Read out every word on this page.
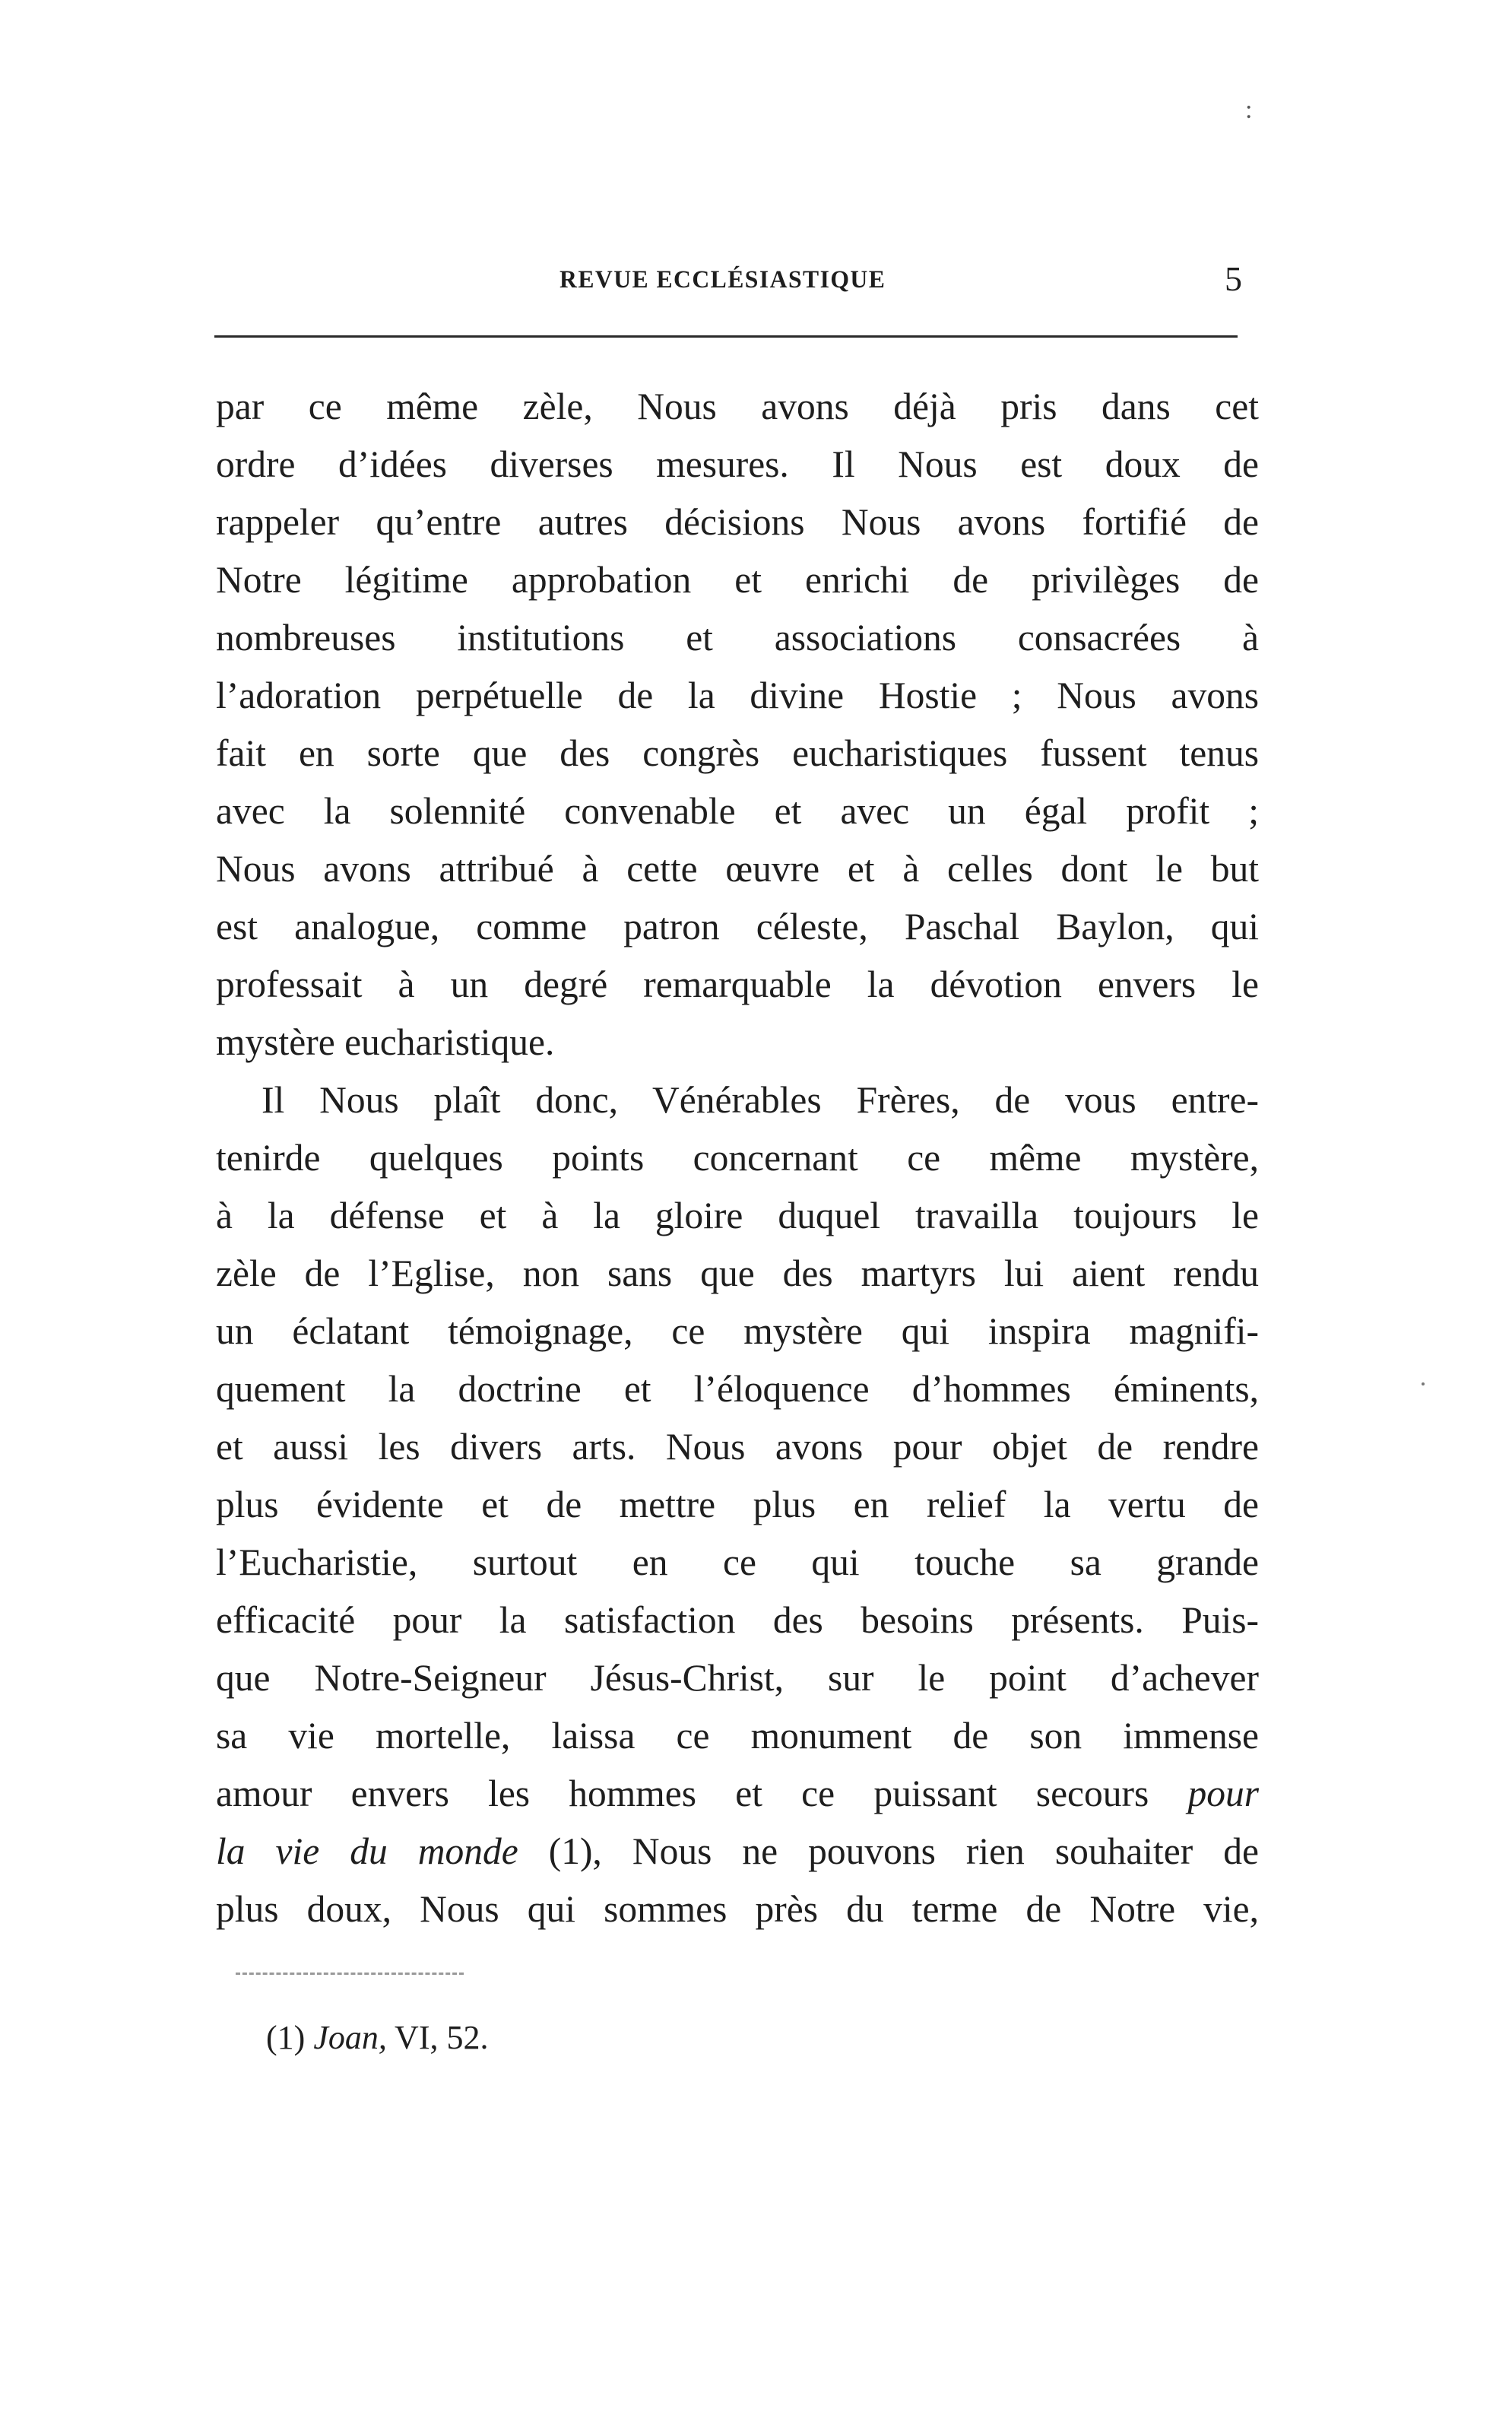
:
REVUE ECCLÉSIASTIQUE	5
par ce même zèle, Nous avons déjà pris dans cet
ordre d’idées diverses mesures. Il Nous est doux de
rappeler qu’entre autres décisions Nous avons fortifié de
Notre légitime approbation et enrichi de privilèges de
nombreuses institutions et associations consacrées à
l’adoration perpétuelle de la divine Hostie ; Nous avons
fait en sorte que des congrès eucharistiques fussent tenus
avec la solennité convenable et avec un égal profit ;
Nous avons attribué à cette œuvre et à celles dont le but
est analogue, comme patron céleste, Paschal Baylon, qui
professait à un degré remarquable la dévotion envers le
mystère eucharistique.
Il Nous plaît donc, Vénérables Frères, de vous entre-
tenirde quelques points concernant ce même mystère,
à la défense et à la gloire duquel travailla toujours le
zèle de l’Eglise, non sans que des martyrs lui aient rendu
un éclatant témoignage, ce mystère qui inspira magnifi-
quement la doctrine et l’éloquence d’hommes éminents,
et aussi les divers arts. Nous avons pour objet de rendre
plus évidente et de mettre plus en relief la vertu de
l’Eucharistie, surtout en ce qui touche sa grande
efficacité pour la satisfaction des besoins présents. Puis-
que Notre-Seigneur Jésus-Christ, sur le point d’achever
sa vie mortelle, laissa ce monument de son immense
amour envers les hommes et ce puissant secours pour
la vie du monde (1), Nous ne pouvons rien souhaiter de
plus doux, Nous qui sommes près du terme de Notre vie,
(1) Joan, VI, 52.
